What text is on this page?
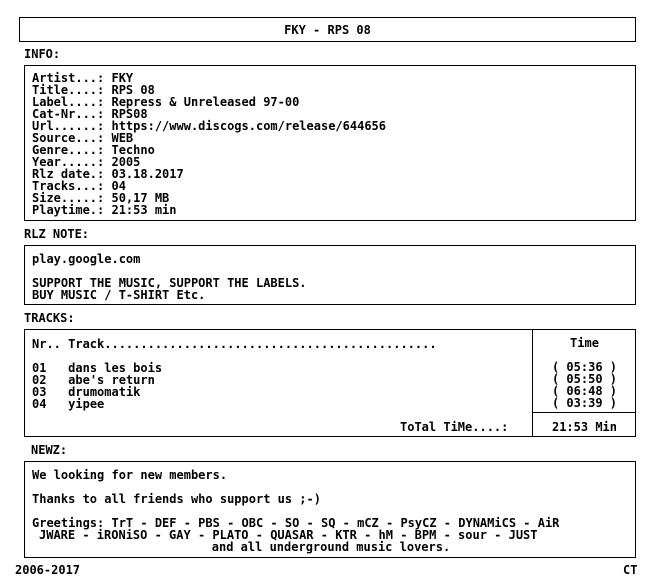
FKY - RPS 08
INFO:
Artist...: FKY
Title....: RPS 08
Label....: Repress & Unreleased 97-00
Cat-Nr...: RPS08
Url......: https://www.discogs.com/release/644656
Source...: WEB
Genre....: Techno
Year.....: 2005
Rlz date.: 03.18.2017
Tracks...: 04
Size.....: 50,17 MB
Playtime.: 21:53 min
RLZ NOTE:
play.google.com
SUPPORT THE MUSIC, SUPPORT THE LABELS.
BUY MUSIC / T-SHIRT Etc.
TRACKS:
Nr.. Track..............................................
01 dans les bois
02 abe's return
03 drumomatik
04 yipee
Time
( 05:36 )
( 05:50 )
( 06:48 )
( 03:39 )
ToTal TiMe....:	21:53 Min
NEWZ:
We looking for new members.
Thanks to all friends who support us ;-)
Greetings: TrT - DEF - PBS - OBC - SO - SQ - mCZ - PsyCZ - DYNAMiCS - AiR
JWARE - iRONiSO - GAY - PLATO - QUASAR - KTR - hM - BPM - sour - JUST
and all underground music lovers.
2006-2017	CT
